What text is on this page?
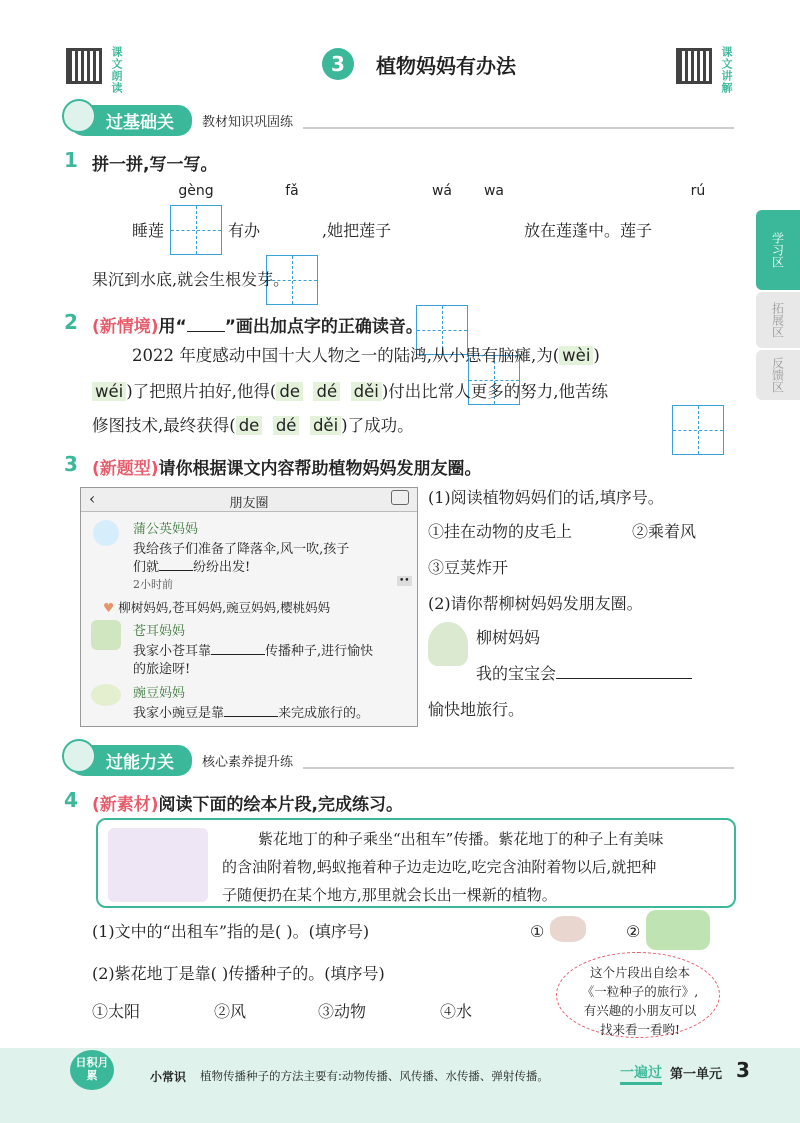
课文朗读	3	植物妈妈有办法	课文讲解
过基础关	教材知识巩固练
学习区
拓展区
反馈区
1 拼一拼,写一写。
gèng	fǎ	wá	wa	rú
睡莲	有办	,她把莲子	放在莲蓬中。莲子
果沉到水底,就会生根发芽。
2 (新情境)用“ ”画出加点字的正确读音。
2022 年度感动中国十大人物之一的陆鸿,从小患有脑瘫,为( wèi )
wéi )了把照片拍好,他得( de dé děi )付出比常人更多的努力,他苦练
修图技术,最终获得( de dé děi )了成功。
3 (新题型)请你根据课文内容帮助植物妈妈发朋友圈。
‹	朋友圈
蒲公英妈妈
我给孩子们准备了降落伞,风一吹,孩子
们就	纷纷出发!
2小时前	••
♥ 柳树妈妈,苍耳妈妈,豌豆妈妈,樱桃妈妈
苍耳妈妈
我家小苍耳靠	传播种子,进行愉快
的旅途呀!
豌豆妈妈
我家小豌豆是靠	来完成旅行的。
(1)阅读植物妈妈们的话,填序号。
①挂在动物的皮毛上	②乘着风
③豆荚炸开
(2)请你帮柳树妈妈发朋友圈。
柳树妈妈
我的宝宝会
愉快地旅行。
过能力关	核心素养提升练
4 (新素材)阅读下面的绘本片段,完成练习。
紫花地丁的种子乘坐“出租车”传播。紫花地丁的种子上有美味
的含油附着物,蚂蚁拖着种子边走边吃,吃完含油附着物以后,就把种
子随便扔在某个地方,那里就会长出一棵新的植物。
(1)文中的“出租车”指的是( )。(填序号)	①	②
(2)紫花地丁是靠( )传播种子的。(填序号)
①太阳	②风	③动物	④水
这个片段出自绘本《一粒种子的旅行》,有兴趣的小朋友可以找来看一看哟!
日积月累	小常识 植物传播种子的方法主要有:动物传播、风传播、水传播、弹射传播。	一遍过 第一单元 3
